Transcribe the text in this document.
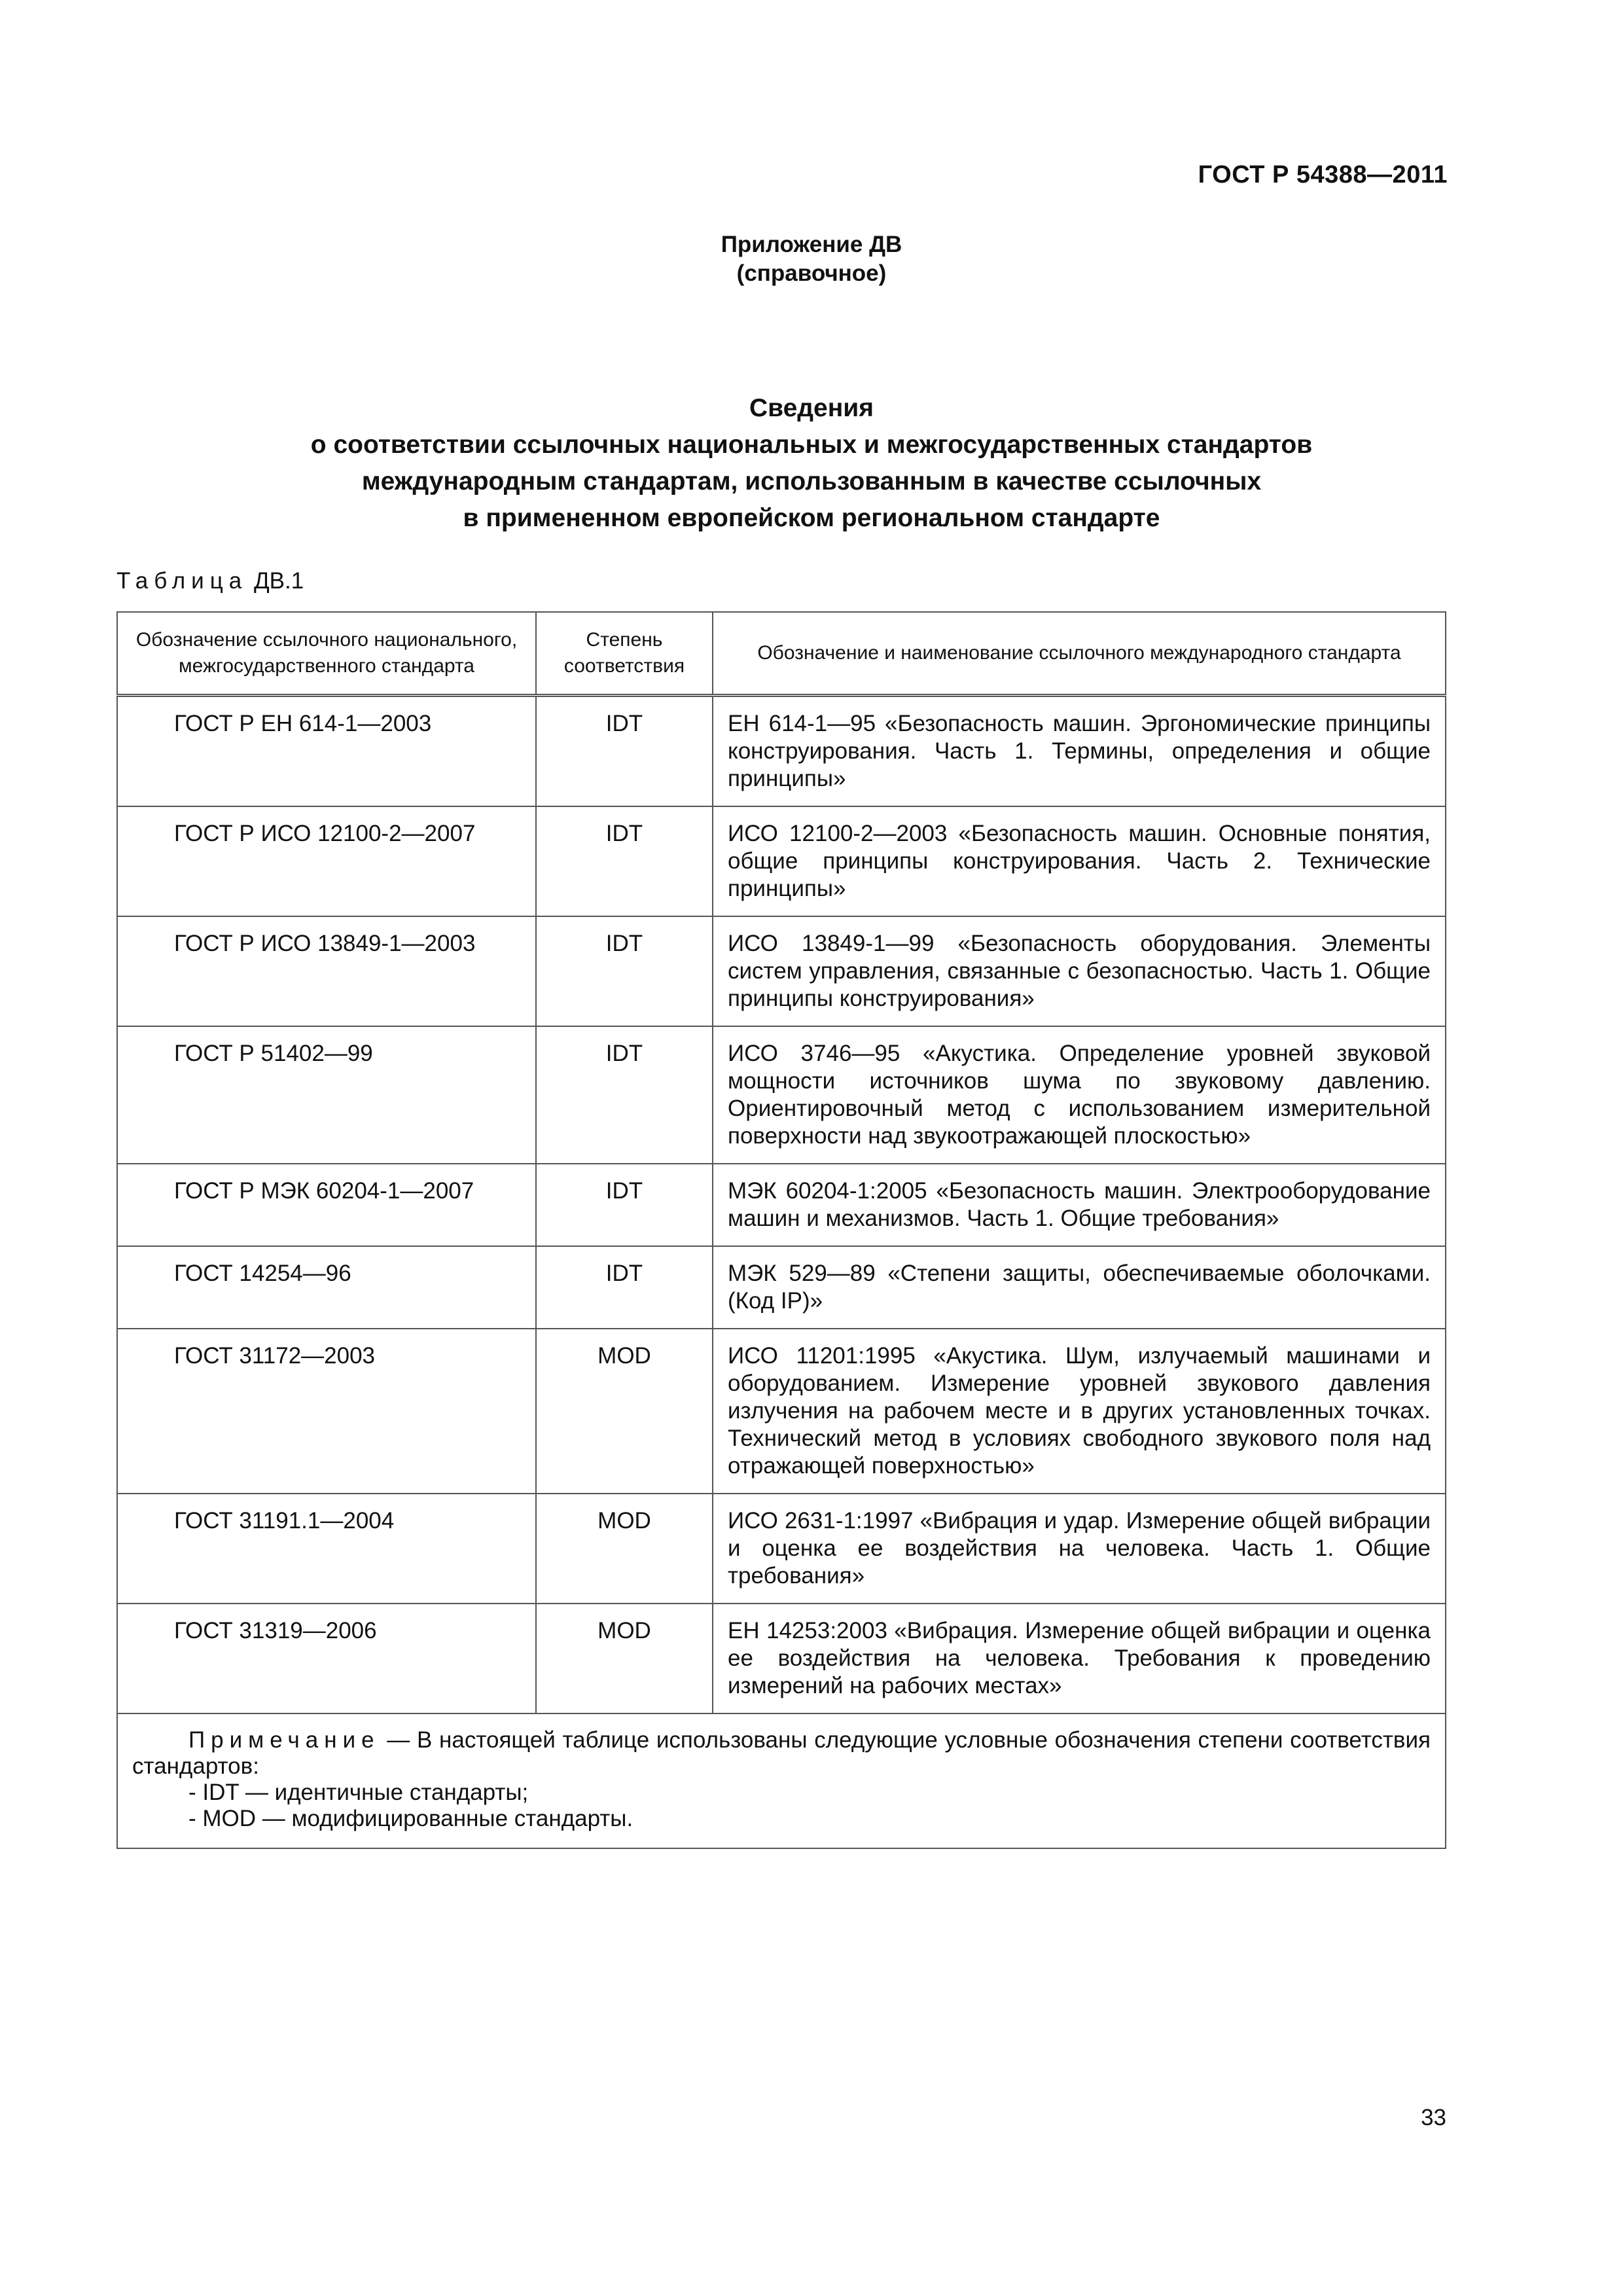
ГОСТ Р 54388—2011
Приложение ДВ
(справочное)
Сведения
о соответствии ссылочных национальных и межгосударственных стандартов
международным стандартам, использованным в качестве ссылочных
в примененном европейском региональном стандарте
Таблица ДВ.1
Обозначение ссылочного национального, межгосударственного стандарта	Степень соответствия	Обозначение и наименование ссылочного международного стандарта
ГОСТ Р ЕН 614-1—2003	IDT	ЕН 614-1—95 «Безопасность машин. Эргономические принципы конструирования. Часть 1. Термины, определения и общие принципы»
ГОСТ Р ИСО 12100-2—2007	IDT	ИСО 12100-2—2003 «Безопасность машин. Основные понятия, общие принципы конструирования. Часть 2. Технические принципы»
ГОСТ Р ИСО 13849-1—2003	IDT	ИСО 13849-1—99 «Безопасность оборудования. Элементы систем управления, связанные с безопасностью. Часть 1. Общие принципы конструирования»
ГОСТ Р 51402—99	IDT	ИСО 3746—95 «Акустика. Определение уровней звуковой мощности источников шума по звуковому давлению. Ориентировочный метод с использованием измерительной поверхности над звукоотражающей плоскостью»
ГОСТ Р МЭК 60204-1—2007	IDT	МЭК 60204-1:2005 «Безопасность машин. Электрооборудование машин и механизмов. Часть 1. Общие требования»
ГОСТ 14254—96	IDT	МЭК 529—89 «Степени защиты, обеспечиваемые оболочками. (Код IP)»
ГОСТ 31172—2003	MOD	ИСО 11201:1995 «Акустика. Шум, излучаемый машинами и оборудованием. Измерение уровней звукового давления излучения на рабочем месте и в других установленных точках. Технический метод в условиях свободного звукового поля над отражающей поверхностью»
ГОСТ 31191.1—2004	MOD	ИСО 2631-1:1997 «Вибрация и удар. Измерение общей вибрации и оценка ее воздействия на человека. Часть 1. Общие требования»
ГОСТ 31319—2006	MOD	ЕН 14253:2003 «Вибрация. Измерение общей вибрации и оценка ее воздействия на человека. Требования к проведению измерений на рабочих местах»
Примечание — В настоящей таблице использованы следующие условные обозначения степени соответствия стандартов:
- IDT — идентичные стандарты;
- MOD — модифицированные стандарты.		
33
